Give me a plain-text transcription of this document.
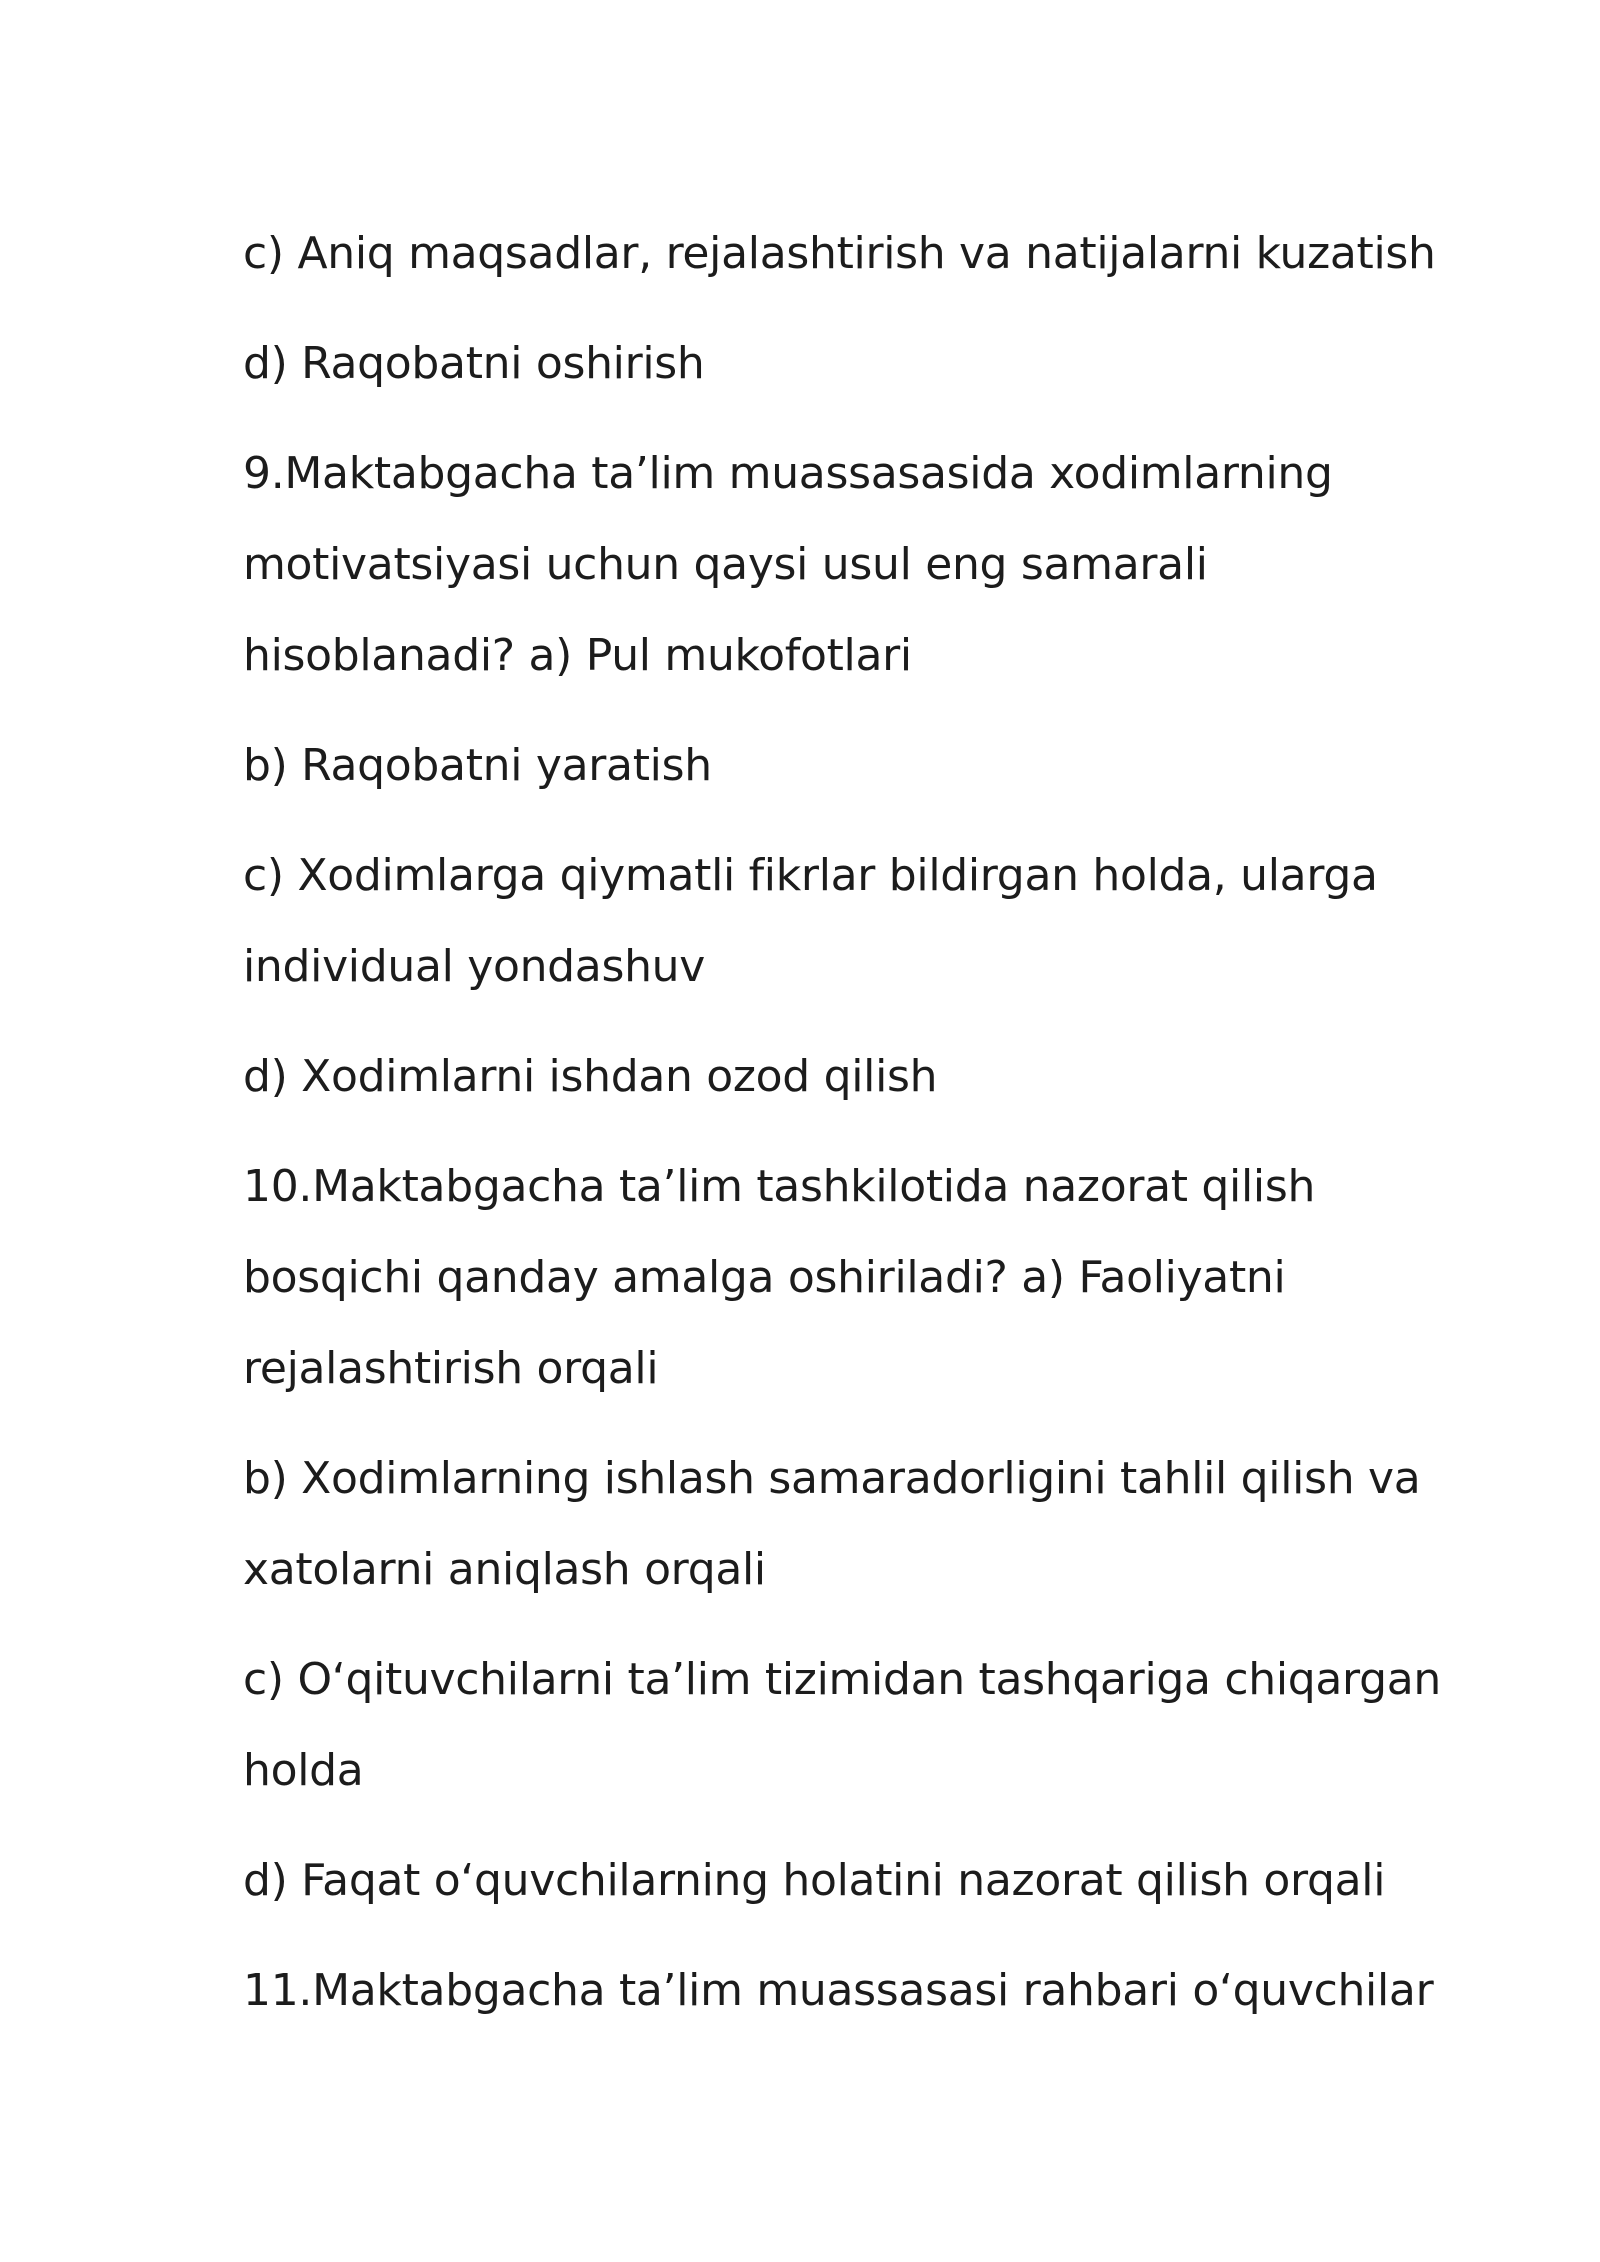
c) Aniq maqsadlar, rejalashtirish va natijalarni kuzatish
d) Raqobatni oshirish
9.Maktabgacha ta’lim muassasasida xodimlarning
motivatsiyasi uchun qaysi usul eng samarali
hisoblanadi? a) Pul mukofotlari
b) Raqobatni yaratish
c) Xodimlarga qiymatli fikrlar bildirgan holda, ularga
individual yondashuv
d) Xodimlarni ishdan ozod qilish
10.Maktabgacha ta’lim tashkilotida nazorat qilish
bosqichi qanday amalga oshiriladi? a) Faoliyatni
rejalashtirish orqali
b) Xodimlarning ishlash samaradorligini tahlil qilish va
xatolarni aniqlash orqali
c) O‘qituvchilarni ta’lim tizimidan tashqariga chiqargan
holda
d) Faqat o‘quvchilarning holatini nazorat qilish orqali
11.Maktabgacha ta’lim muassasasi rahbari o‘quvchilar
